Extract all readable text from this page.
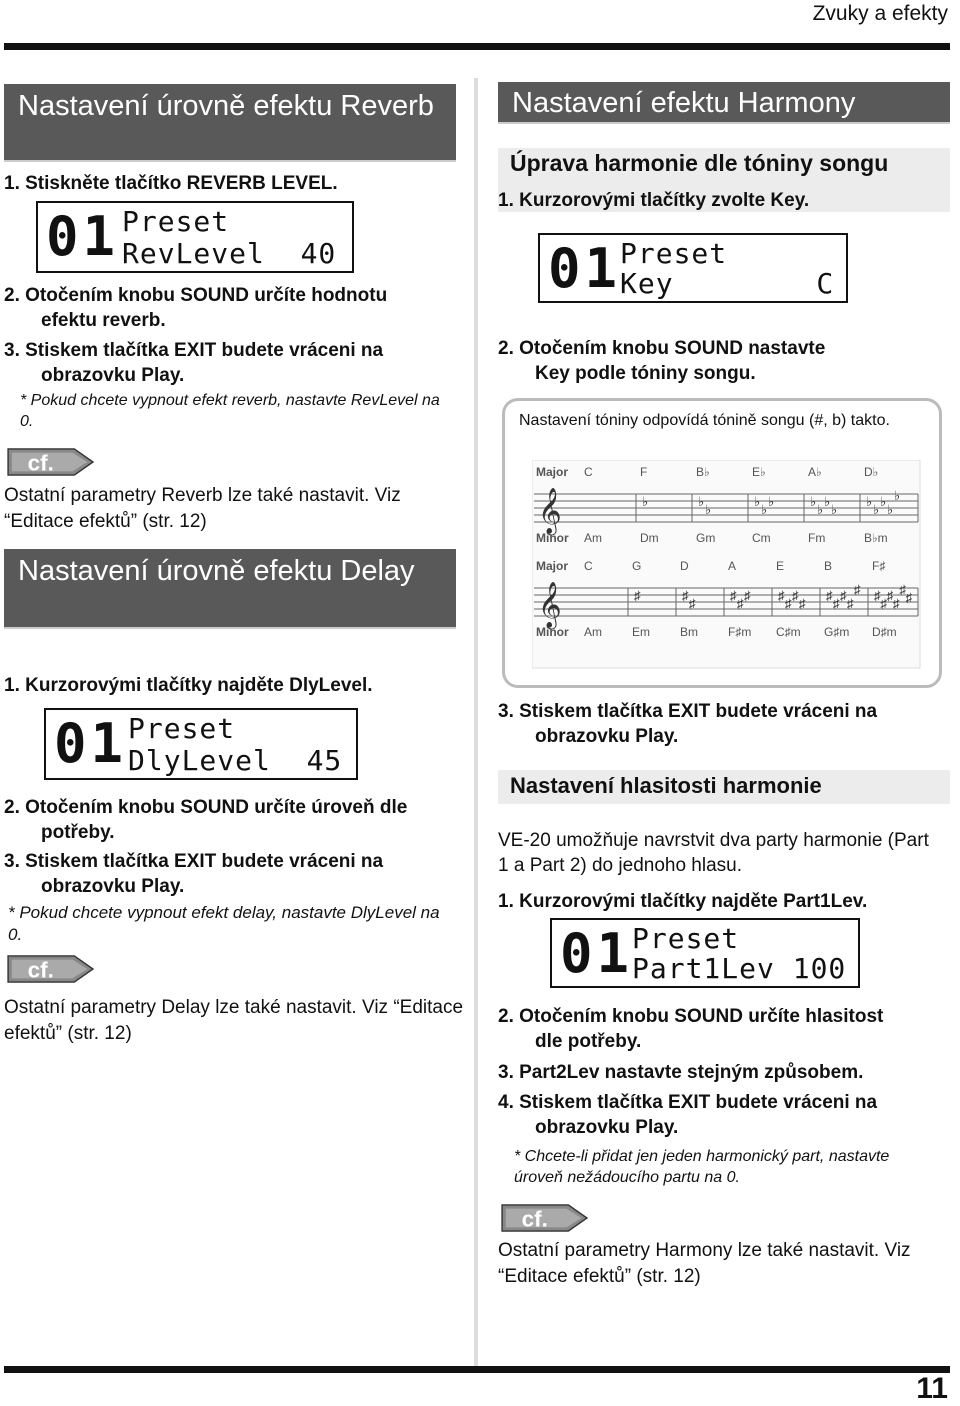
Zvuky a efekty
11
Nastavení úrovně efektu Reverb
1. Stiskněte tlačítko REVERB LEVEL.
01 Preset
RevLevel  40
2. Otočením knobu SOUND určíte hodnotu
efektu reverb.
3. Stiskem tlačítka EXIT budete vráceni na
obrazovku Play.
* Pokud chcete vypnout efekt reverb, nastavte RevLevel na 0.
cf.
Ostatní parametry Reverb lze také nastavit. Viz “Editace efektů” (str. 12)
Nastavení úrovně efektu Delay
1. Kurzorovými tlačítky najděte DlyLevel.
01 Preset
DlyLevel  45
2. Otočením knobu SOUND určíte úroveň dle
potřeby.
3. Stiskem tlačítka EXIT budete vráceni na
obrazovku Play.
* Pokud chcete vypnout efekt delay, nastavte DlyLevel na 0.
cf.
Ostatní parametry Delay lze také nastavit. Viz “Editace efektů” (str. 12)
Nastavení efektu Harmony
Úprava harmonie dle tóniny songu
1. Kurzorovými tlačítky zvolte Key.
01
Preset
Key        C
2. Otočením knobu SOUND nastavte
Key podle tóniny songu.
Nastavení tóniny odpovídá tónině songu (#, b) takto.
Major C	F	B♭	E♭	A♭	D♭
𝄞	♭	♭
♭
♭
♭
♭	♭
♭
♭
♭
♭
♭
♭
♭
♭
Minor Am	Dm	Gm	Cm	Fm	B♭m
Major C	G	D	A	E	B	F♯
𝄞	♯	♯
♯
♯
♯
♯ ♯
♯
♯
♯
♯
♯
♯
♯
♯ ♯
♯
♯
♯
♯
♯
Minor Am	Em	Bm	F♯m C♯m G♯m D♯m
3. Stiskem tlačítka EXIT budete vráceni na
obrazovku Play.
Nastavení hlasitosti harmonie
VE-20 umožňuje navrstvit dva party harmonie (Part 1 a Part 2) do jednoho hlasu.
1. Kurzorovými tlačítky najděte Part1Lev.
01
Preset
Part1Lev 100
2. Otočením knobu SOUND určíte hlasitost
dle potřeby.
3. Part2Lev nastavte stejným způsobem.
4. Stiskem tlačítka EXIT budete vráceni na
obrazovku Play.
* Chcete-li přidat jen jeden harmonický part, nastavte úroveň nežádoucího partu na 0.
cf.
Ostatní parametry Harmony lze také nastavit. Viz “Editace efektů” (str. 12)
